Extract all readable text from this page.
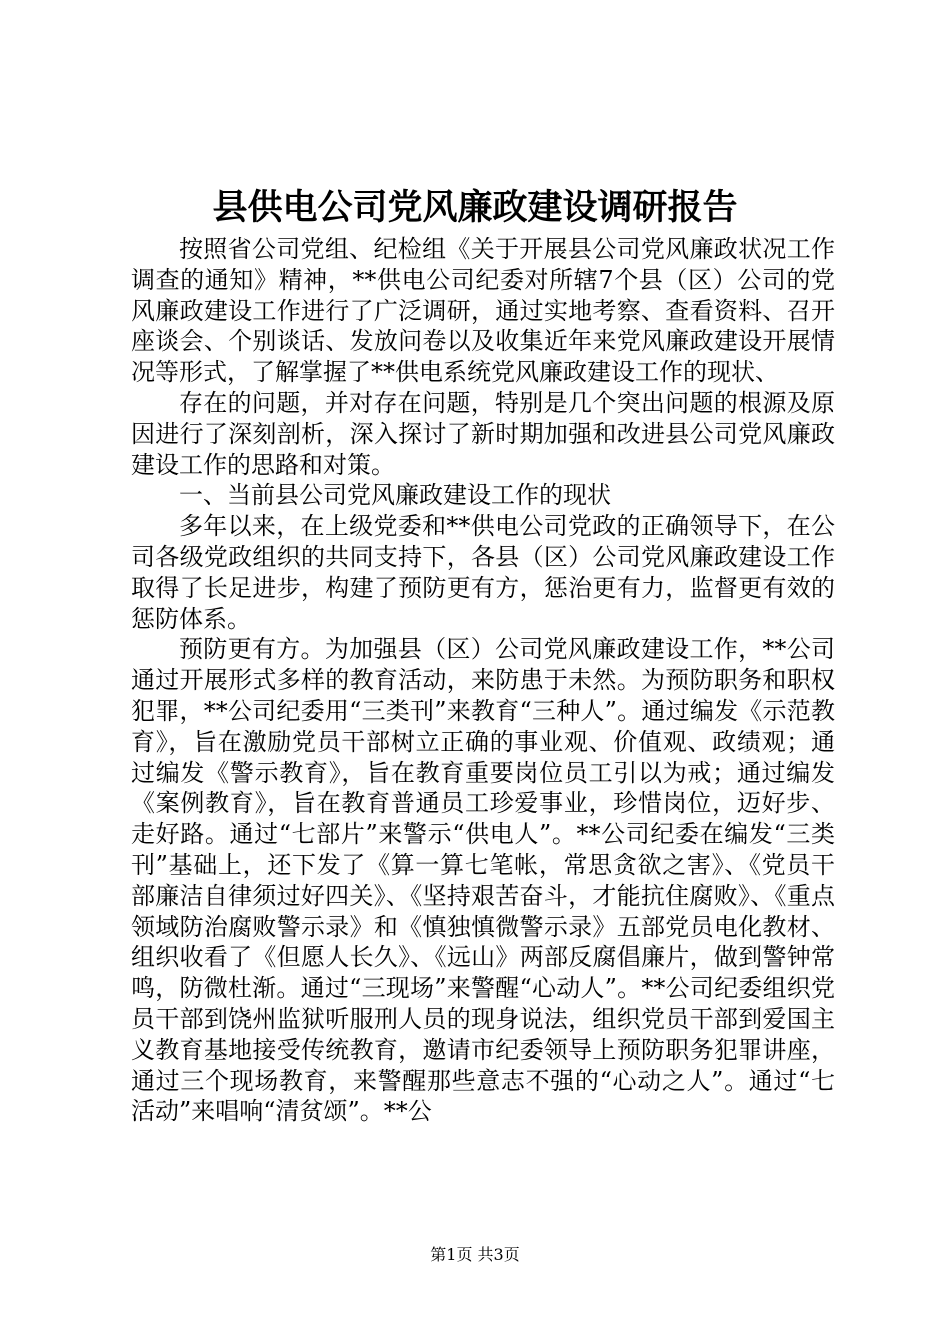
县供电公司党风廉政建设调研报告

按照省公司党组、纪检组《关于开展县公司党风廉政状况工作调查的通知》精神，**供电公司纪委对所辖7个县（区）公司的党风廉政建设工作进行了广泛调研，通过实地考察、查看资料、召开座谈会、个别谈话、发放问卷以及收集近年来党风廉政建设开展情况等形式，了解掌握了**供电系统党风廉政建设工作的现状、

存在的问题，并对存在问题，特别是几个突出问题的根源及原因进行了深刻剖析，深入探讨了新时期加强和改进县公司党风廉政建设工作的思路和对策。

一、当前县公司党风廉政建设工作的现状

多年以来，在上级党委和**供电公司党政的正确领导下，在公司各级党政组织的共同支持下，各县（区）公司党风廉政建设工作取得了长足进步，构建了预防更有方，惩治更有力，监督更有效的惩防体系。

预防更有方。为加强县（区）公司党风廉政建设工作，**公司通过开展形式多样的教育活动，来防患于未然。为预防职务和职权犯罪，**公司纪委用“三类刊”来教育“三种人”。通过编发《示范教育》，旨在激励党员干部树立正确的事业观、价值观、政绩观；通过编发《警示教育》，旨在教育重要岗位员工引以为戒；通过编发《案例教育》，旨在教育普通员工珍爱事业，珍惜岗位，迈好步、走好路。通过“七部片”来警示“供电人”。**公司纪委在编发“三类刊”基础上，还下发了《算一算七笔帐，常思贪欲之害》、《党员干部廉洁自律须过好四关》、《坚持艰苦奋斗，才能抗住腐败》、《重点领域防治腐败警示录》和《慎独慎微警示录》五部党员电化教材、组织收看了《但愿人长久》、《远山》两部反腐倡廉片，做到警钟常鸣，防微杜渐。通过“三现场”来警醒“心动人”。**公司纪委组织党员干部到饶州监狱听服刑人员的现身说法，组织党员干部到爱国主义教育基地接受传统教育，邀请市纪委领导上预防职务犯罪讲座，通过三个现场教育，来警醒那些意志不强的“心动之人”。通过“七活动”来唱响“清贫颂”。**公

第1页 共3页
